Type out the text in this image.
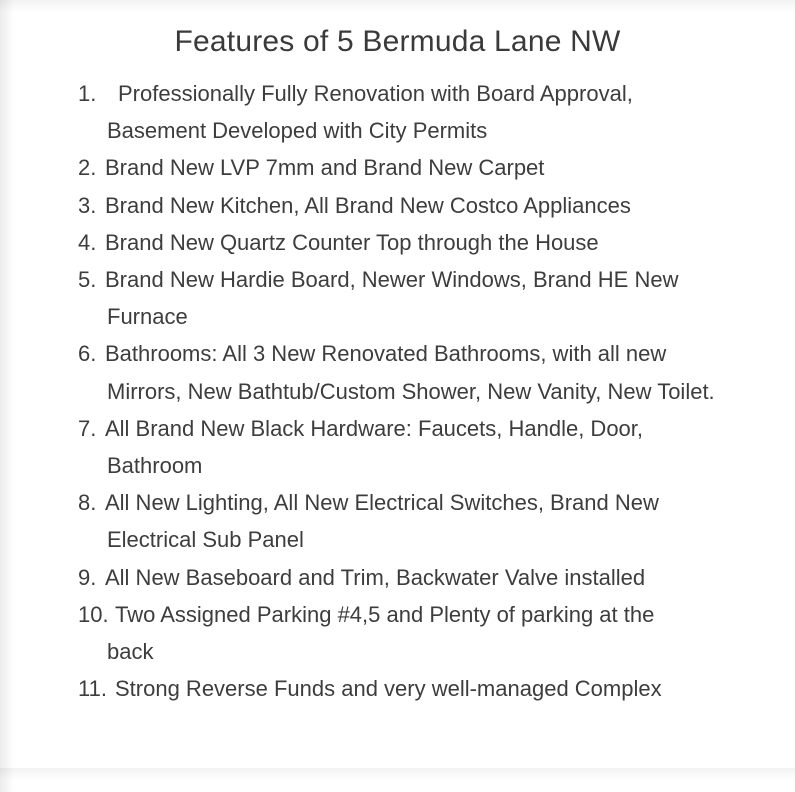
Features of 5 Bermuda Lane NW
1. Professionally Fully Renovation with Board Approval,
Basement Developed with City Permits
2. Brand New LVP 7mm and Brand New Carpet
3. Brand New Kitchen, All Brand New Costco Appliances
4. Brand New Quartz Counter Top through the House
5. Brand New Hardie Board, Newer Windows, Brand HE New
Furnace
6. Bathrooms: All 3 New Renovated Bathrooms, with all new
Mirrors, New Bathtub/Custom Shower, New Vanity, New Toilet.
7. All Brand New Black Hardware: Faucets, Handle, Door,
Bathroom
8. All New Lighting, All New Electrical Switches, Brand New
Electrical Sub Panel
9. All New Baseboard and Trim, Backwater Valve installed
10. Two Assigned Parking #4,5 and Plenty of parking at the
back
11. Strong Reverse Funds and very well-managed Complex
